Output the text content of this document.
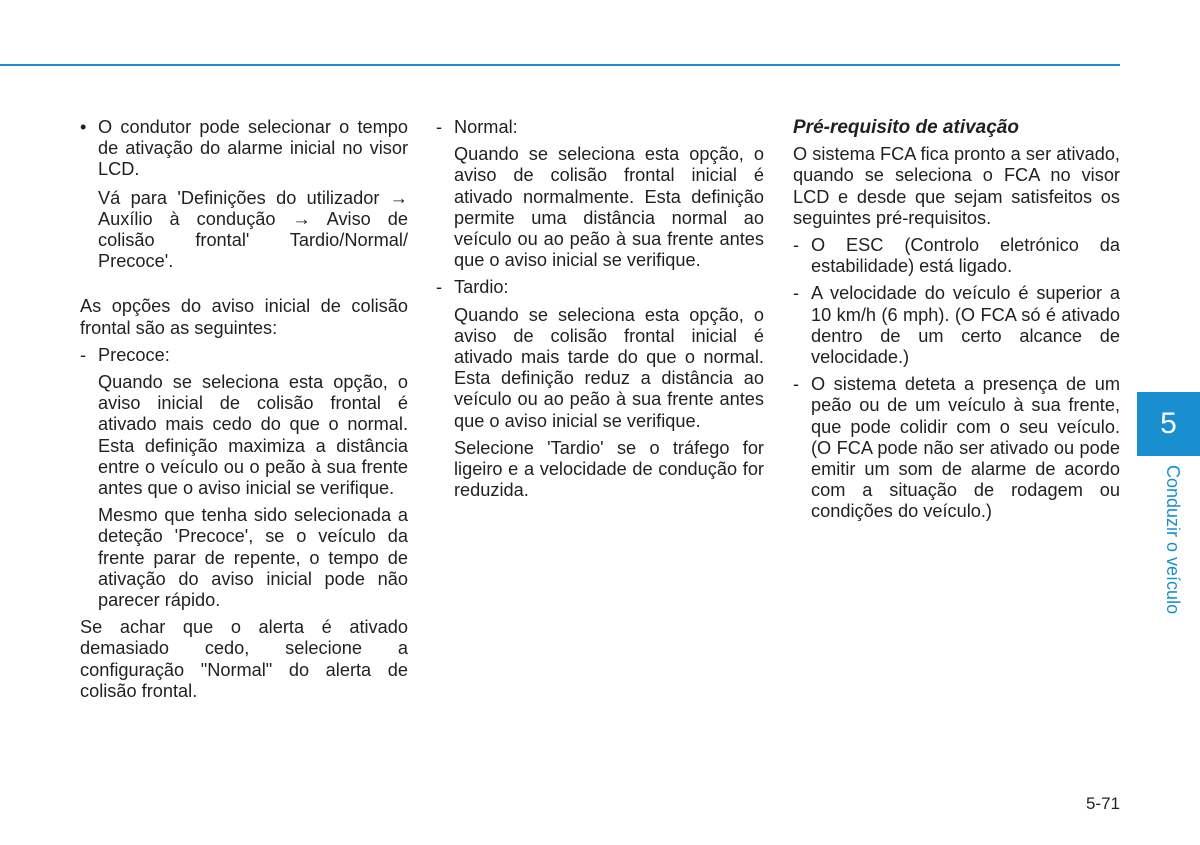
• O condutor pode selecionar o tempo de ativação do alarme inicial no visor LCD.

Vá para 'Definições do utilizador → Auxílio à condução → Aviso de colisão frontal' Tardio/Normal/ Precoce'.

As opções do aviso inicial de colisão frontal são as seguintes:

- Precoce:

Quando se seleciona esta opção, o aviso inicial de colisão frontal é ativado mais cedo do que o normal. Esta definição maximiza a distância entre o veículo ou o peão à sua frente antes que o aviso inicial se verifique.

Mesmo que tenha sido selecionada a deteção 'Precoce', se o veículo da frente parar de repente, o tempo de ativação do aviso inicial pode não parecer rápido.

Se achar que o alerta é ativado demasiado cedo, selecione a configuração "Normal" do alerta de colisão frontal.

- Normal:

Quando se seleciona esta opção, o aviso de colisão frontal inicial é ativado normalmente. Esta definição permite uma distância normal ao veículo ou ao peão à sua frente antes que o aviso inicial se verifique.

- Tardio:

Quando se seleciona esta opção, o aviso de colisão frontal inicial é ativado mais tarde do que o normal. Esta definição reduz a distância ao veículo ou ao peão à sua frente antes que o aviso inicial se verifique.

Selecione 'Tardio' se o tráfego for ligeiro e a velocidade de condução for reduzida.

Pré-requisito de ativação

O sistema FCA fica pronto a ser ativado, quando se seleciona o FCA no visor LCD e desde que sejam satisfeitos os seguintes pré-requisitos.

- O ESC (Controlo eletrónico da estabilidade) está ligado.

- A velocidade do veículo é superior a 10 km/h (6 mph). (O FCA só é ativado dentro de um certo alcance de velocidade.)

- O sistema deteta a presença de um peão ou de um veículo à sua frente, que pode colidir com o seu veículo. (O FCA pode não ser ativado ou pode emitir um som de alarme de acordo com a situação de rodagem ou condições do veículo.)

5
Conduzir o veículo
5-71
